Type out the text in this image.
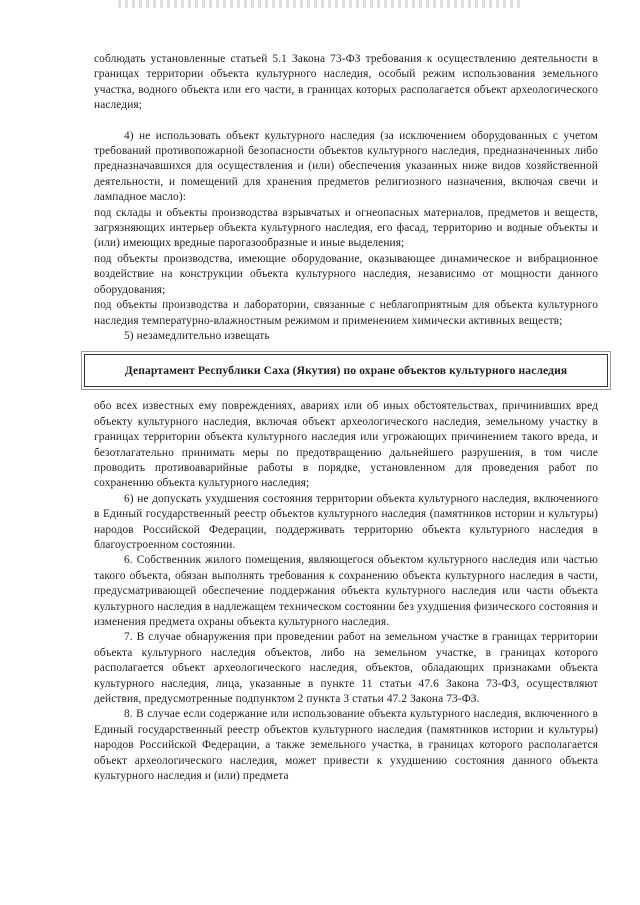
соблюдать установленные статьей 5.1 Закона 73-ФЗ требования к осуществлению деятельности в границах территории объекта культурного наследия, особый режим использования земельного участка, водного объекта или его части, в границах которых располагается объект археологического наследия;

4) не использовать объект культурного наследия (за исключением оборудованных с учетом требований противопожарной безопасности объектов культурного наследия, предназначенных либо предназначавшихся для осуществления и (или) обеспечения указанных ниже видов хозяйственной деятельности, и помещений для хранения предметов религиозного назначения, включая свечи и лампадное масло):

под склады и объекты производства взрывчатых и огнеопасных материалов, предметов и веществ, загрязняющих интерьер объекта культурного наследия, его фасад, территорию и водные объекты и (или) имеющих вредные парогазообразные и иные выделения;

под объекты производства, имеющие оборудование, оказывающее динамическое и вибрационное воздействие на конструкции объекта культурного наследия, независимо от мощности данного оборудования;

под объекты производства и лаборатории, связанные с неблагоприятным для объекта культурного наследия температурно-влажностным режимом и применением химически активных веществ;

5) незамедлительно извещать

Департамент Республики Саха (Якутия) по охране объектов культурного наследия

обо всех известных ему повреждениях, авариях или об иных обстоятельствах, причинивших вред объекту культурного наследия, включая объект археологического наследия, земельному участку в границах территории объекта культурного наследия или угрожающих причинением такого вреда, и безотлагательно принимать меры по предотвращению дальнейшего разрушения, в том числе проводить противоаварийные работы в порядке, установленном для проведения работ по сохранению объекта культурного наследия;

6) не допускать ухудшения состояния территории объекта культурного наследия, включенного в Единый государственный реестр объектов культурного наследия (памятников истории и культуры) народов Российской Федерации, поддерживать территорию объекта культурного наследия в благоустроенном состоянии.

6. Собственник жилого помещения, являющегося объектом культурного наследия или частью такого объекта, обязан выполнять требования к сохранению объекта культурного наследия в части, предусматривающей обеспечение поддержания объекта культурного наследия или части объекта культурного наследия в надлежащем техническом состоянии без ухудшения физического состояния и изменения предмета охраны объекта культурного наследия.

7. В случае обнаружения при проведении работ на земельном участке в границах территории объекта культурного наследия объектов, либо на земельном участке, в границах которого располагается объект археологического наследия, объектов, обладающих признаками объекта культурного наследия, лица, указанные в пункте 11 статьи 47.6 Закона 73-ФЗ, осуществляют действия, предусмотренные подпунктом 2 пункта 3 статьи 47.2 Закона 73-ФЗ.

8. В случае если содержание или использование объекта культурного наследия, включенного в Единый государственный реестр объектов культурного наследия (памятников истории и культуры) народов Российской Федерации, а также земельного участка, в границах которого располагается объект археологического наследия, может привести к ухудшению состояния данного объекта культурного наследия и (или) предмета
